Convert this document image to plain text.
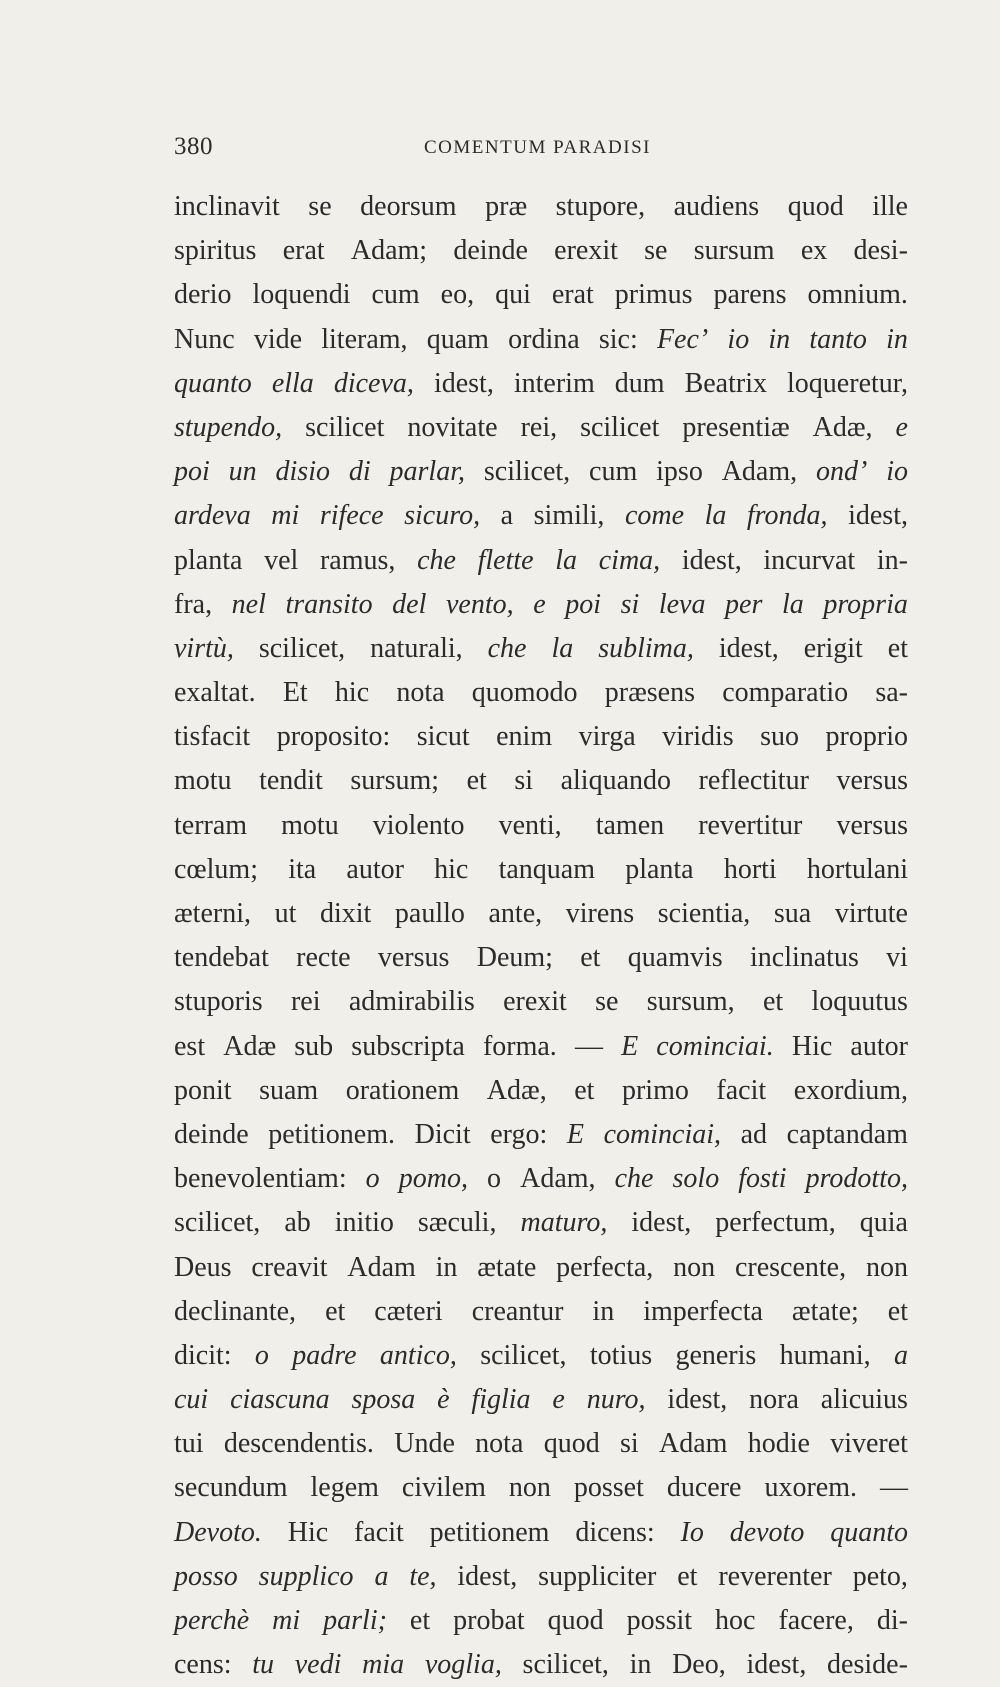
380	COMENTUM PARADISI
inclinavit se deorsum præ stupore, audiens quod ille
spiritus erat Adam; deinde erexit se sursum ex desi-
derio loquendi cum eo, qui erat primus parens omnium.
Nunc vide literam, quam ordina sic: Fec’ io in tanto in
quanto ella diceva, idest, interim dum Beatrix loqueretur,
stupendo, scilicet novitate rei, scilicet presentiæ Adæ, e
poi un disio di parlar, scilicet, cum ipso Adam, ond’ io
ardeva mi rifece sicuro, a simili, come la fronda, idest,
planta vel ramus, che flette la cima, idest, incurvat in-
fra, nel transito del vento, e poi si leva per la propria
virtù, scilicet, naturali, che la sublima, idest, erigit et
exaltat. Et hic nota quomodo præsens comparatio sa-
tisfacit proposito: sicut enim virga viridis suo proprio
motu tendit sursum; et si aliquando reflectitur versus
terram motu violento venti, tamen revertitur versus
cœlum; ita autor hic tanquam planta horti hortulani
æterni, ut dixit paullo ante, virens scientia, sua virtute
tendebat recte versus Deum; et quamvis inclinatus vi
stuporis rei admirabilis erexit se sursum, et loquutus
est Adæ sub subscripta forma. — E cominciai. Hic autor
ponit suam orationem Adæ, et primo facit exordium,
deinde petitionem. Dicit ergo: E cominciai, ad captandam
benevolentiam: o pomo, o Adam, che solo fosti prodotto,
scilicet, ab initio sæculi, maturo, idest, perfectum, quia
Deus creavit Adam in ætate perfecta, non crescente, non
declinante, et cæteri creantur in imperfecta ætate; et
dicit: o padre antico, scilicet, totius generis humani, a
cui ciascuna sposa è figlia e nuro, idest, nora alicuius
tui descendentis. Unde nota quod si Adam hodie viveret
secundum legem civilem non posset ducere uxorem. —
Devoto. Hic facit petitionem dicens: Io devoto quanto
posso supplico a te, idest, suppliciter et reverenter peto,
perchè mi parli; et probat quod possit hoc facere, di-
cens: tu vedi mia voglia, scilicet, in Deo, idest, deside-
